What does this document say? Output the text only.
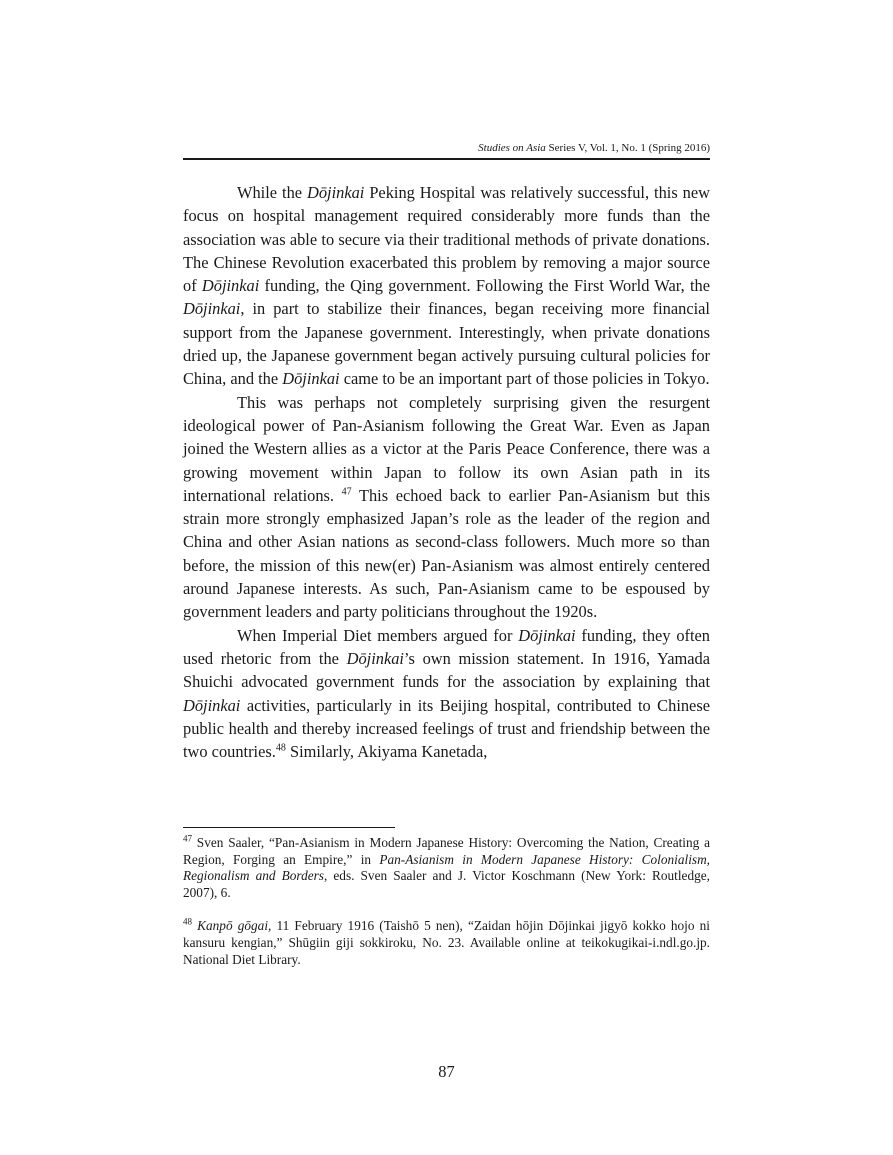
Studies on Asia Series V, Vol. 1, No. 1 (Spring 2016)

While the Dōjinkai Peking Hospital was relatively successful, this new focus on hospital management required considerably more funds than the association was able to secure via their traditional methods of private donations. The Chinese Revolution exacerbated this problem by removing a major source of Dōjinkai funding, the Qing government. Following the First World War, the Dōjinkai, in part to stabilize their finances, began receiving more financial support from the Japanese government. Interestingly, when private donations dried up, the Japanese government began actively pursuing cultural policies for China, and the Dōjinkai came to be an important part of those policies in Tokyo.

This was perhaps not completely surprising given the resurgent ideological power of Pan-Asianism following the Great War. Even as Japan joined the Western allies as a victor at the Paris Peace Conference, there was a growing movement within Japan to follow its own Asian path in its international relations. $^{47}$ This echoed back to earlier Pan-Asianism but this strain more strongly emphasized Japan’s role as the leader of the region and China and other Asian nations as second-class followers. Much more so than before, the mission of this new(er) Pan-Asianism was almost entirely centered around Japanese interests. As such, Pan-Asianism came to be espoused by government leaders and party politicians throughout the 1920s.

When Imperial Diet members argued for Dōjinkai funding, they often used rhetoric from the Dōjinkai’s own mission statement. In 1916, Yamada Shuichi advocated government funds for the association by explaining that Dōjinkai activities, particularly in its Beijing hospital, contributed to Chinese public health and thereby increased feelings of trust and friendship between the two countries.$^{48}$ Similarly, Akiyama Kanetada,

$^{47}$ Sven Saaler, “Pan-Asianism in Modern Japanese History: Overcoming the Nation, Creating a Region, Forging an Empire,” in Pan-Asianism in Modern Japanese History: Colonialism, Regionalism and Borders, eds. Sven Saaler and J. Victor Koschmann (New York: Routledge, 2007), 6.

$^{48}$ Kanpō gōgai, 11 February 1916 (Taishō 5 nen), “Zaidan hōjin Dōjinkai jigyō kokko hojo ni kansuru kengian,” Shūgiin giji sokkiroku, No. 23. Available online at teikokugikai-i.ndl.go.jp. National Diet Library.

87
